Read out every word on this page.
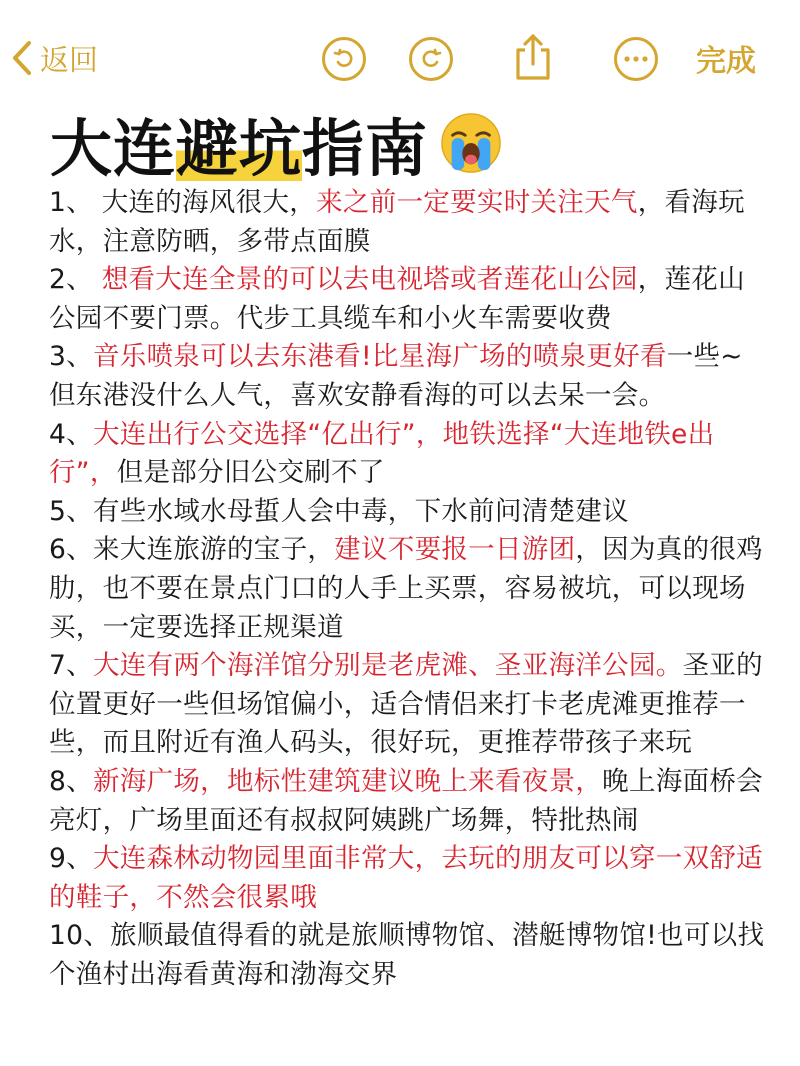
返回	完成
大连 避坑 指南
1、 大连的海风很大，来之前一定要实时关注天气，看海玩水，注意防晒，多带点面膜
2、 想看大连全景的可以去电视塔或者莲花山公园，莲花山公园不要门票。代步工具缆车和小火车需要收费
3、音乐喷泉可以去东港看!比星海广场的喷泉更好看一些~但东港没什么人气，喜欢安静看海的可以去呆一会。
4、大连出行公交选择“亿出行”，地铁选择“大连地铁e出行”，但是部分旧公交刷不了
5、有些水域水母蜇人会中毒，下水前问清楚建议
6、来大连旅游的宝子，建议不要报一日游团，因为真的很鸡肋，也不要在景点门口的人手上买票，容易被坑，可以现场买，一定要选择正规渠道
7、大连有两个海洋馆分别是老虎滩、圣亚海洋公园。圣亚的位置更好一些但场馆偏小，适合情侣来打卡老虎滩更推荐一些，而且附近有渔人码头，很好玩，更推荐带孩子来玩
8、新海广场，地标性建筑建议晚上来看夜景，晚上海面桥会亮灯，广场里面还有叔叔阿姨跳广场舞，特批热闹
9、大连森林动物园里面非常大，去玩的朋友可以穿一双舒适的鞋子，不然会很累哦
10、旅顺最值得看的就是旅顺博物馆、潜艇博物馆!也可以找个渔村出海看黄海和渤海交界
